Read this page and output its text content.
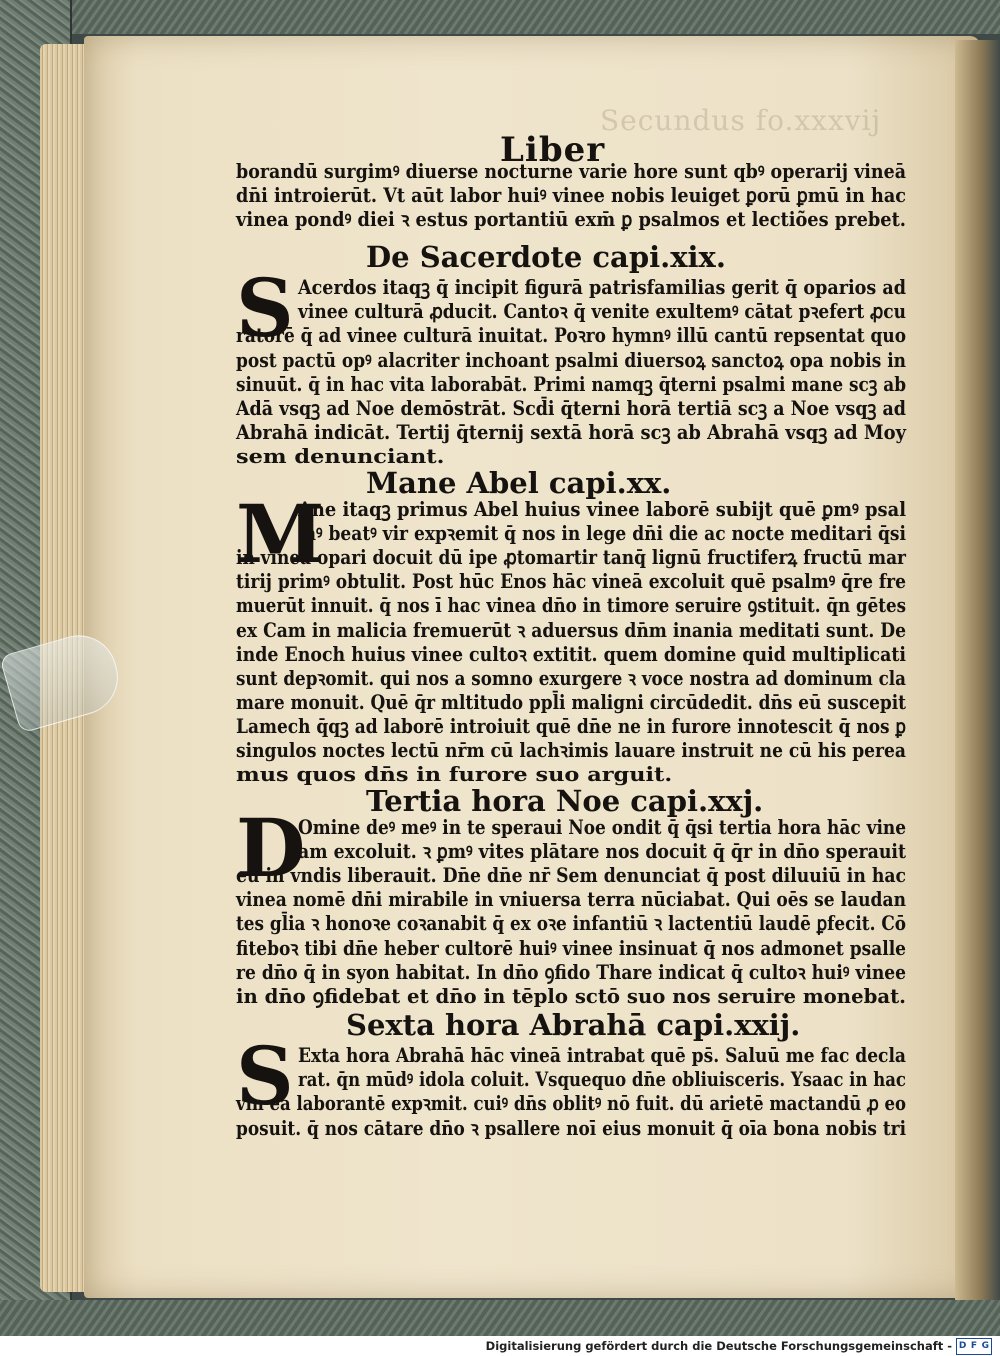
Secundus fo.xxxvij
Liber
borandū surgimꝰ diuerse nocturne varie hore sunt qbꝰ operarij vineā
dn̄i introierūt. Vt aūt labor huiꝰ vinee nobis leuiget ꝑorū ꝑmū in hac
vinea pondꝰ diei ꝛ estus portantiū exm̄ ꝑ psalmos et lectiões prebet.
De Sacerdote capi.xix.
S Acerdos itaqꝫ q̄ incipit figurā patrisfamilias gerit q̄ oparios ad
vinee culturā ꝓducit. Cantoꝛ q̄ venite exultemꝰ cātat pꝛefert ꝓcu
ratorē q̄ ad vinee culturā inuitat. Poꝛro hymnꝰ illū cantū repsentat quo
post pactū opꝰ alacriter inchoant psalmi diuersoꝝ sanctoꝝ opa nobis in
sinuūt. q̄ in hac vita laborabāt. Primi namqꝫ q̄terni psalmi mane scꝫ ab
Adā vsqꝫ ad Noe demōstrāt. Scd̄i q̄terni horā tertiā scꝫ a Noe vsqꝫ ad
Abrahā indicāt. Tertij q̄ternij sextā horā scꝫ ab Abrahā vsqꝫ ad Moy
sem denunciant.
Mane Abel capi.xx.
M
Ane itaqꝫ primus Abel huius vinee laborē subijt quē ꝑmꝰ psal
mꝰ beatꝰ vir expꝛemit q̄ nos in lege dn̄i die ac nocte meditari q̄si
in vinea opari docuit dū ipe ꝓtomartir tanq̄ lignū fructiferꝝ fructū mar
tirij primꝰ obtulit. Post hūc Enos hāc vineā excoluit quē psalmꝰ q̄re fre
muerūt innuit. q̄ nos ī hac vinea dn̄o in timore seruire ꝯstituit. q̄n gētes
ex Cam in malicia fremuerūt ꝛ aduersus dn̄m inania meditati sunt. De
inde Enoch huius vinee cultoꝛ extitit. quem domine quid multiplicati
sunt depꝛomit. qui nos a somno exurgere ꝛ voce nostra ad dominum cla
mare monuit. Quē q̄r mltitudo ppl̄i maligni circūdedit. dn̄s eū suscepit
Lamech q̄qꝫ ad laborē introiuit quē dn̄e ne in furore innotescit q̄ nos ꝑ
singulos noctes lectū nr̄m cū lachꝛimis lauare instruit ne cū his perea
mus quos dn̄s in furore suo arguit.
Tertia hora Noe capi.xxj.
D
Omine deꝰ meꝰ in te speraui Noe ondit q̄ q̄si tertia hora hāc vine
am excoluit. ꝛ ꝑmꝰ vites plātare nos docuit q̄ q̄r in dn̄o sperauit
eū in vndis liberauit. Dn̄e dn̄e nr̄ Sem denunciat q̄ post diluuiū in hac
vinea nomē dn̄i mirabile in vniuersa terra nūciabat. Qui oēs se laudan
tes gl̄ia ꝛ honoꝛe coꝛanabit q̄ ex oꝛe infantiū ꝛ lactentiū laudē ꝑfecit. Cō
fiteboꝛ tibi dn̄e heber cultorē huiꝰ vinee insinuat q̄ nos admonet psalle
re dn̄o q̄ in syon habitat. In dn̄o ꝯfido Thare indicat q̄ cultoꝛ huiꝰ vinee
in dn̄o ꝯfidebat et dn̄o in tēplo sctō suo nos seruire monebat.
Sexta hora Abrahā capi.xxij.
S Exta hora Abrahā hāc vineā intrabat quē ps̄. Saluū me fac decla
rat. q̄n mūdꝰ idola coluit. Vsquequo dn̄e obliuisceris. Ysaac in hac
vin ea laborantē expꝛmit. cuiꝰ dn̄s oblitꝰ nō fuit. dū arietē mactandū ꝓ eo
posuit. q̄ nos cātare dn̄o ꝛ psallere noī eius monuit q̄ oīa bona nobis tri
Digitalisierung gefördert durch die Deutsche Forschungsgemeinschaft - D F G
